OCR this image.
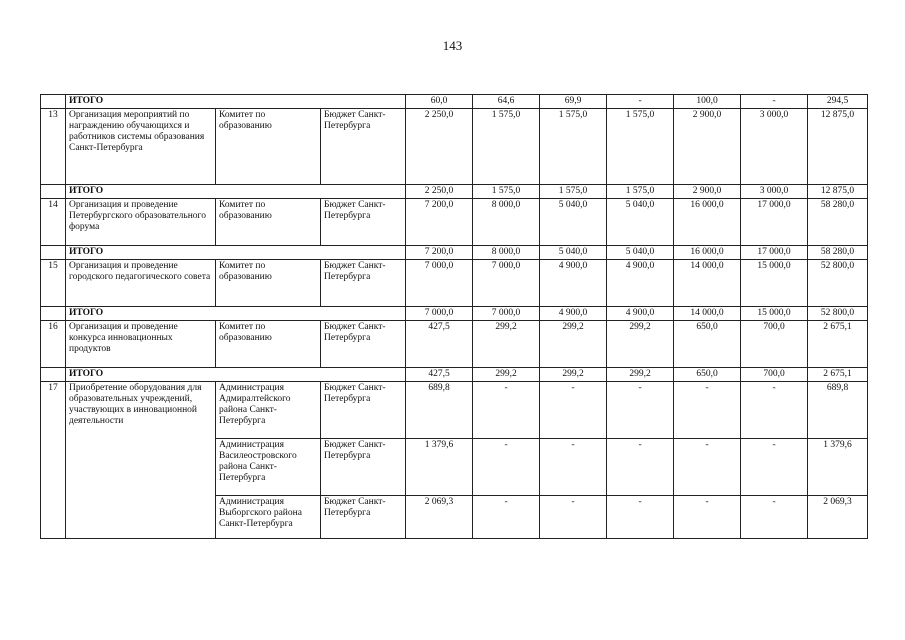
143
	ИТОГО			60,0	64,6	69,9	-	100,0	-	294,5
13	Организация мероприятий по награждению обучающихся и работников системы образования Санкт-Петербурга	Комитет по образованию	Бюджет Санкт-Петербурга	2 250,0	1 575,0	1 575,0	1 575,0	2 900,0	3 000,0	12 875,0
	ИТОГО			2 250,0	1 575,0	1 575,0	1 575,0	2 900,0	3 000,0	12 875,0
14	Организация и проведение Петербургского образовательного форума	Комитет по образованию	Бюджет Санкт-Петербурга	7 200,0	8 000,0	5 040,0	5 040,0	16 000,0	17 000,0	58 280,0
	ИТОГО			7 200,0	8 000,0	5 040,0	5 040,0	16 000,0	17 000,0	58 280,0
15	Организация и проведение городского педагогического совета	Комитет по образованию	Бюджет Санкт-Петербурга	7 000,0	7 000,0	4 900,0	4 900,0	14 000,0	15 000,0	52 800,0
	ИТОГО			7 000,0	7 000,0	4 900,0	4 900,0	14 000,0	15 000,0	52 800,0
16	Организация и проведение конкурса инновационных продуктов	Комитет по образованию	Бюджет Санкт-Петербурга	427,5	299,2	299,2	299,2	650,0	700,0	2 675,1
	ИТОГО			427,5	299,2	299,2	299,2	650,0	700,0	2 675,1
17	Приобретение оборудования для образовательных учреждений, участвующих в инновационной деятельности	Администрация Адмиралтейского района Санкт-Петербурга	Бюджет Санкт-Петербурга	689,8	-	-	-	-	-	689,8
		Администрация Василеостровского района Санкт-Петербурга	Бюджет Санкт-Петербурга	1 379,6	-	-	-	-	-	1 379,6
		Администрация Выборгского района Санкт-Петербурга	Бюджет Санкт-Петербурга	2 069,3	-	-	-	-	-	2 069,3
